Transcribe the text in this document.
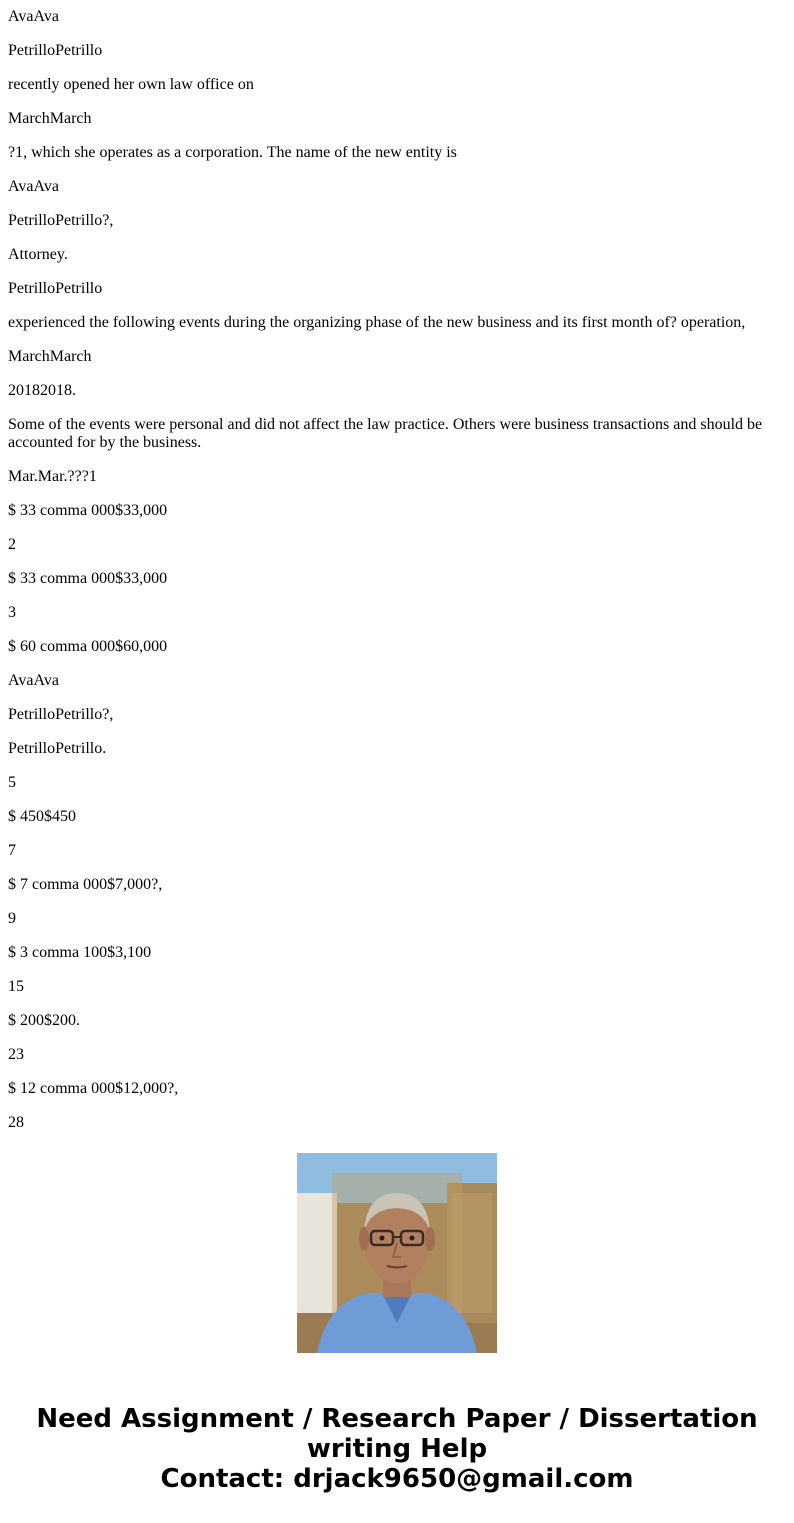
AvaAva

PetrilloPetrillo

recently opened her own law office on

MarchMarch

?1, which she operates as a corporation. The name of the new entity is

AvaAva

PetrilloPetrillo?,

Attorney.

PetrilloPetrillo

experienced the following events during the organizing phase of the new business and its first month of? operation,

MarchMarch

20182018.

Some of the events were personal and did not affect the law practice. Others were business transactions and should be accounted for by the business.

Mar.Mar.???1

$ 33 comma 000$33,000

2

$ 33 comma 000$33,000

3

$ 60 comma 000$60,000

AvaAva

PetrilloPetrillo?,

PetrilloPetrillo.

5

$ 450$450

7

$ 7 comma 000$7,000?,

9

$ 3 comma 100$3,100

15

$ 200$200.

23

$ 12 comma 000$12,000?,

28

Need Assignment / Research Paper / Dissertation
writing Help
Contact: drjack9650@gmail.com
